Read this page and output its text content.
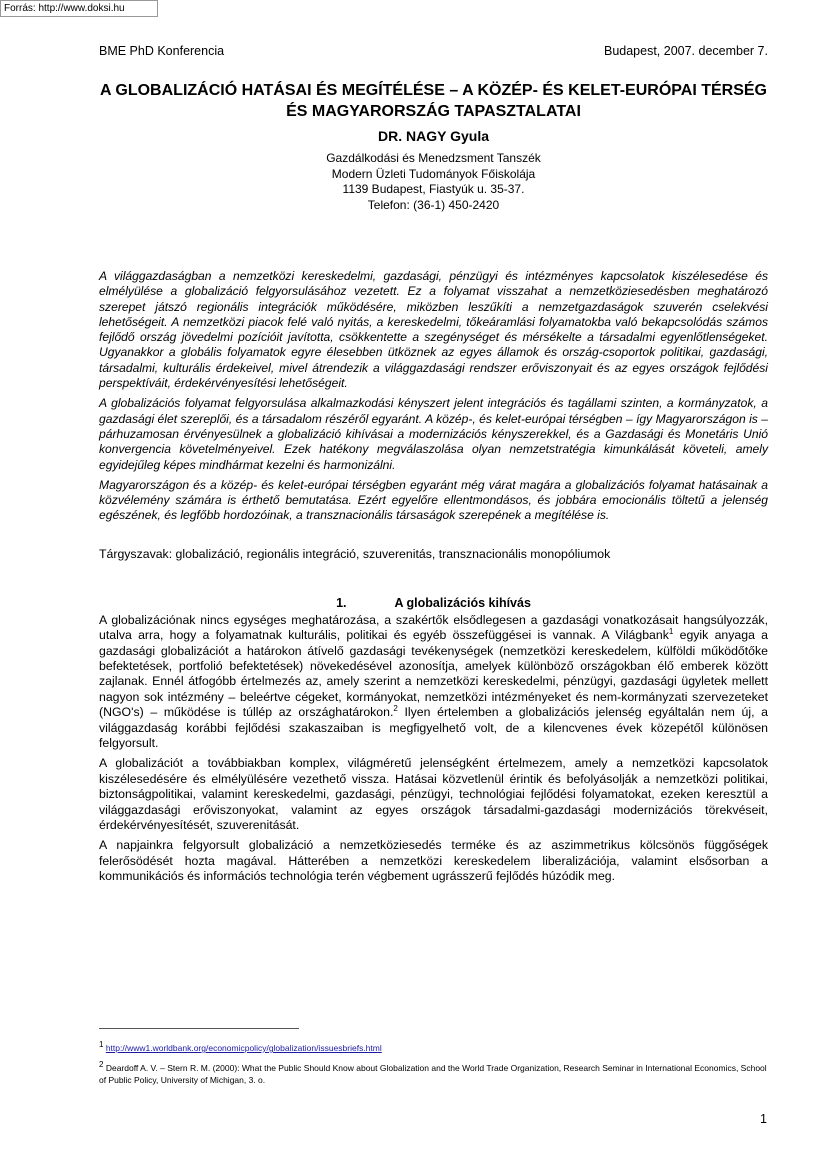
Forrás: http://www.doksi.hu
BME PhD Konferencia	Budapest, 2007. december 7.
A GLOBALIZÁCIÓ HATÁSAI ÉS MEGÍTÉLÉSE – A KÖZÉP- ÉS KELET-EURÓPAI TÉRSÉG ÉS MAGYARORSZÁG TAPASZTALATAI
DR. NAGY Gyula
Gazdálkodási és Menedzsment Tanszék
Modern Üzleti Tudományok Főiskolája
1139 Budapest, Fiastyúk u. 35-37.
Telefon: (36-1) 450-2420

A világgazdaságban a nemzetközi kereskedelmi, gazdasági, pénzügyi és intézményes kapcsolatok kiszélesedése és elmélyülése a globalizáció felgyorsulásához vezetett. Ez a folyamat visszahat a nemzetköziesedésben meghatározó szerepet játszó regionális integrációk működésére, miközben leszűkíti a nemzetgazdaságok szuverén cselekvési lehetőségeit. A nemzetközi piacok felé való nyitás, a kereskedelmi, tőkeáramlási folyamatokba való bekapcsolódás számos fejlődő ország jövedelmi pozícióit javította, csökkentette a szegénységet és mérsékelte a társadalmi egyenlőtlenségeket. Ugyanakkor a globális folyamatok egyre élesebben ütköznek az egyes államok és ország-csoportok politikai, gazdasági, társadalmi, kulturális érdekeivel, mivel átrendezik a világgazdasági rendszer erőviszonyait és az egyes országok fejlődési perspektíváit, érdekérvényesítési lehetőségeit.

A globalizációs folyamat felgyorsulása alkalmazkodási kényszert jelent integrációs és tagállami szinten, a kormányzatok, a gazdasági élet szereplői, és a társadalom részéről egyaránt. A közép-, és kelet-európai térségben – így Magyarországon is – párhuzamosan érvényesülnek a globalizáció kihívásai a modernizációs kényszerekkel, és a Gazdasági és Monetáris Unió konvergencia követelményeivel. Ezek hatékony megválaszolása olyan nemzetstratégia kimunkálását követeli, amely egyidejűleg képes mindhármat kezelni és harmonizálni.

Magyarországon és a közép- és kelet-európai térségben egyaránt még várat magára a globalizációs folyamat hatásainak a közvélemény számára is érthető bemutatása. Ezért egyelőre ellentmondásos, és jobbára emocionális töltetű a jelenség egészének, és legfőbb hordozóinak, a transznacionális társaságok szerepének a megítélése is.

Tárgyszavak: globalizáció, regionális integráció, szuverenitás, transznacionális monopóliumok
1.	A globalizációs kihívás

A globalizációnak nincs egységes meghatározása, a szakértők elsődlegesen a gazdasági vonatkozásait hangsúlyozzák, utalva arra, hogy a folyamatnak kulturális, politikai és egyéb összefüggései is vannak. A Világbank$^1$ egyik anyaga a gazdasági globalizációt a határokon átívelő gazdasági tevékenységek (nemzetközi kereskedelem, külföldi működőtőke befektetések, portfolió befektetések) növekedésével azonosítja, amelyek különböző országokban élő emberek között zajlanak. Ennél átfogóbb értelmezés az, amely szerint a nemzetközi kereskedelmi, pénzügyi, gazdasági ügyletek mellett nagyon sok intézmény – beleértve cégeket, kormányokat, nemzetközi intézményeket és nem-kormányzati szervezeteket (NGO's) – működése is túllép az országhatárokon.$^2$ Ilyen értelemben a globalizációs jelenség egyáltalán nem új, a világgazdaság korábbi fejlődési szakaszaiban is megfigyelhető volt, de a kilencvenes évek közepétől különösen felgyorsult.

A globalizációt a továbbiakban komplex, világméretű jelenségként értelmezem, amely a nemzetközi kapcsolatok kiszélesedésére és elmélyülésére vezethető vissza. Hatásai közvetlenül érintik és befolyásolják a nemzetközi politikai, biztonságpolitikai, valamint kereskedelmi, gazdasági, pénzügyi, technológiai fejlődési folyamatokat, ezeken keresztül a világgazdasági erőviszonyokat, valamint az egyes országok társadalmi-gazdasági modernizációs törekvéseit, érdekérvényesítését, szuverenitását.

A napjainkra felgyorsult globalizáció a nemzetköziesedés terméke és az aszimmetrikus kölcsönös függőségek felerősödését hozta magával. Hátterében a nemzetközi kereskedelem liberalizációja, valamint elsősorban a kommunikációs és információs technológia terén végbement ugrásszerű fejlődés húzódik meg.

$^1$ http://www1.worldbank.org/economicpolicy/globalization/issuesbriefs.html
$^2$ Deardoff A. V. – Stern R. M. (2000): What the Public Should Know about Globalization and the World Trade Organization, Research Seminar in International Economics, School of Public Policy, University of Michigan, 3. o.
1
